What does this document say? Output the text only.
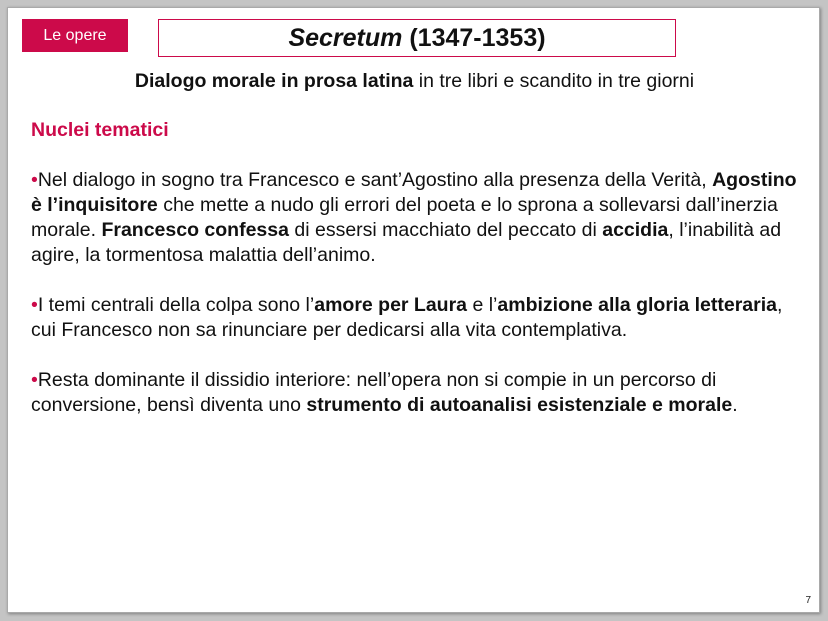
Le opere	Secretum (1347-1353)
Dialogo morale in prosa latina in tre libri e scandito in tre giorni
Nuclei tematici
•Nel dialogo in sogno tra Francesco e sant’Agostino alla presenza della Verità, Agostino è l’inquisitore che mette a nudo gli errori del poeta e lo sprona a sollevarsi dall’inerzia morale. Francesco confessa di essersi macchiato del peccato di accidia, l’inabilità ad agire, la tormentosa malattia dell’animo.
•I temi centrali della colpa sono l’amore per Laura e l’ambizione alla gloria letteraria, cui Francesco non sa rinunciare per dedicarsi alla vita contemplativa.
•Resta dominante il dissidio interiore: nell’opera non si compie in un percorso di conversione, bensì diventa uno strumento di autoanalisi esistenziale e morale.
7
